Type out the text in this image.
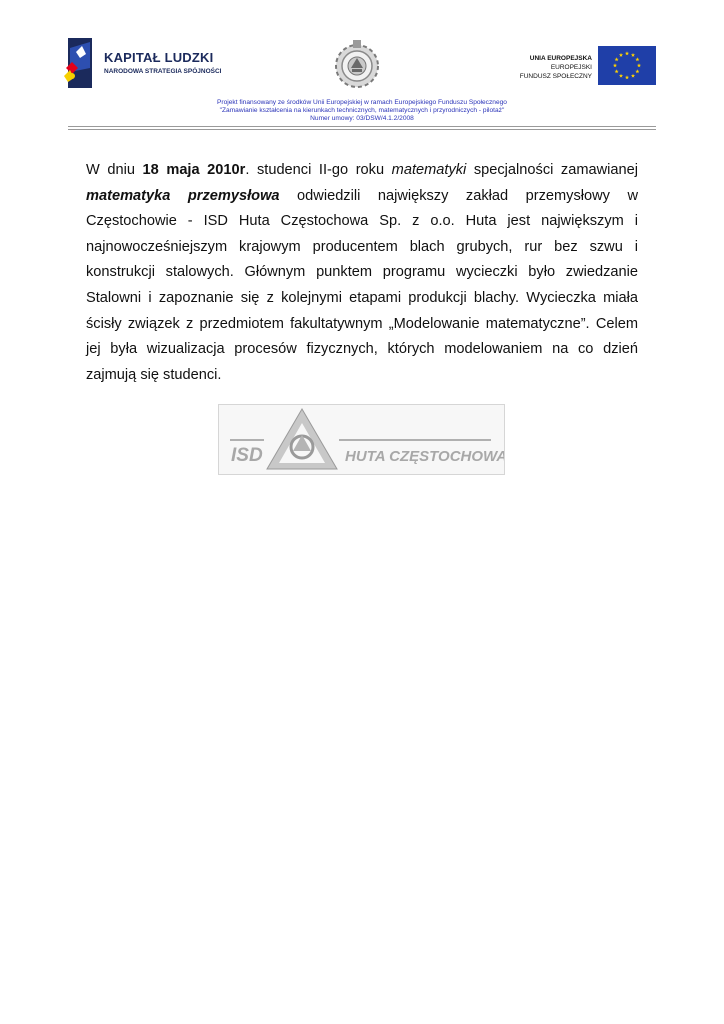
KAPITAŁ LUDZKI
NARODOWA STRATEGIA SPÓJNOŚCI
UNIA EUROPEJSKA
EUROPEJSKI
FUNDUSZ SPOŁECZNY
Projekt finansowany ze środków Unii Europejskiej w ramach Europejskiego Funduszu Społecznego
"Zamawianie kształcenia na kierunkach technicznych, matematycznych i przyrodniczych - pilotaż"
Numer umowy: 03/DSW/4.1.2/2008

W dniu 18 maja 2010r. studenci II-go roku matematyki specjalności zamawianej matematyka przemysłowa odwiedzili największy zakład przemysłowy w Częstochowie - ISD Huta Częstochowa Sp. z o.o. Huta jest największym i najnowocześniejszym krajowym producentem blach grubych, rur bez szwu i konstrukcji stalowych. Głównym punktem programu wycieczki było zwiedzanie Stalowni i zapoznanie się z kolejnymi etapami produkcji blachy. Wycieczka miała ścisły związek z przedmiotem fakultatywnym „Modelowanie matematyczne”. Celem jej była wizualizacja procesów fizycznych, których modelowaniem na co dzień zajmują się studenci.

ISD	HUTA CZĘSTOCHOWA
